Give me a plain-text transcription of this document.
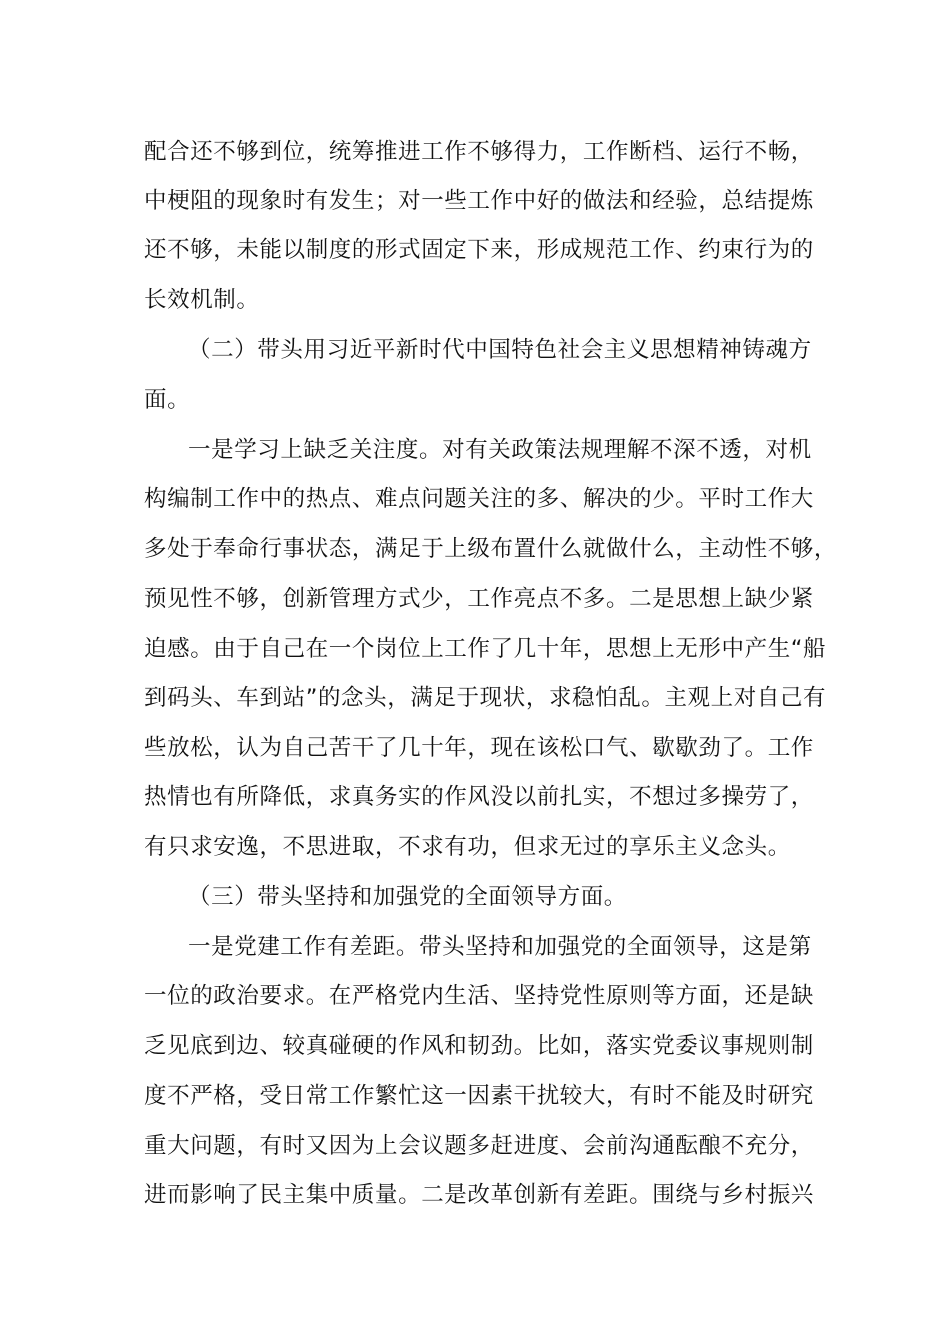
配合还不够到位，统筹推进工作不够得力，工作断档、运行不畅，
中梗阻的现象时有发生；对一些工作中好的做法和经验，总结提炼
还不够，未能以制度的形式固定下来，形成规范工作、约束行为的
长效机制。
（二）带头用习近平新时代中国特色社会主义思想精神铸魂方
面。
一是学习上缺乏关注度。对有关政策法规理解不深不透，对机
构编制工作中的热点、难点问题关注的多、解决的少。平时工作大
多处于奉命行事状态，满足于上级布置什么就做什么，主动性不够，
预见性不够，创新管理方式少，工作亮点不多。二是思想上缺少紧
迫感。由于自己在一个岗位上工作了几十年，思想上无形中产生“船
到码头、车到站”的念头，满足于现状，求稳怕乱。主观上对自己有
些放松，认为自己苦干了几十年，现在该松口气、歇歇劲了。工作
热情也有所降低，求真务实的作风没以前扎实，不想过多操劳了，
有只求安逸，不思进取，不求有功，但求无过的享乐主义念头。
（三）带头坚持和加强党的全面领导方面。
一是党建工作有差距。带头坚持和加强党的全面领导，这是第
一位的政治要求。在严格党内生活、坚持党性原则等方面，还是缺
乏见底到边、较真碰硬的作风和韧劲。比如，落实党委议事规则制
度不严格，受日常工作繁忙这一因素干扰较大，有时不能及时研究
重大问题，有时又因为上会议题多赶进度、会前沟通酝酿不充分，
进而影响了民主集中质量。二是改革创新有差距。围绕与乡村振兴
